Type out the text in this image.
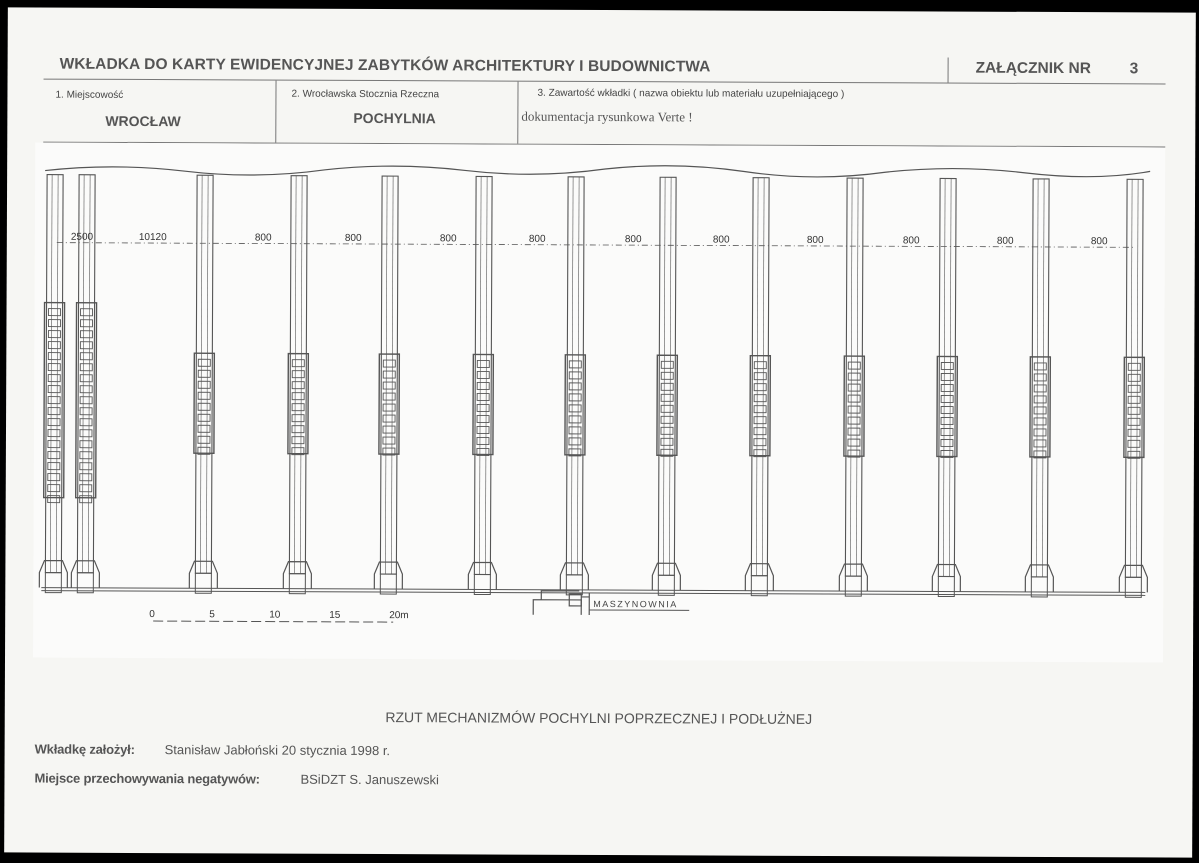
WKŁADKA DO KARTY EWIDENCYJNEJ ZABYTKÓW ARCHITEKTURY I BUDOWNICTWA	ZAŁĄCZNIK NR 3
1. Miejscowość
WROCŁAW
2. Wrocławska Stocznia Rzeczna
POCHYLNIA
3. Zawartość wkładki ( nazwa obiektu lub materiału uzupełniającego )
dokumentacja rysunkowa Verte !
2500	10120	800	800	800	800	800	800	800	800	800	800
0	5	10	15	20m
MASZYNOWNIA
RZUT MECHANIZMÓW POCHYLNI POPRZECZNEJ I PODŁUŻNEJ
Wkładkę założył: Stanisław Jabłoński 20 stycznia 1998 r.
Miejsce przechowywania negatywów:	BSiDZT S. Januszewski
